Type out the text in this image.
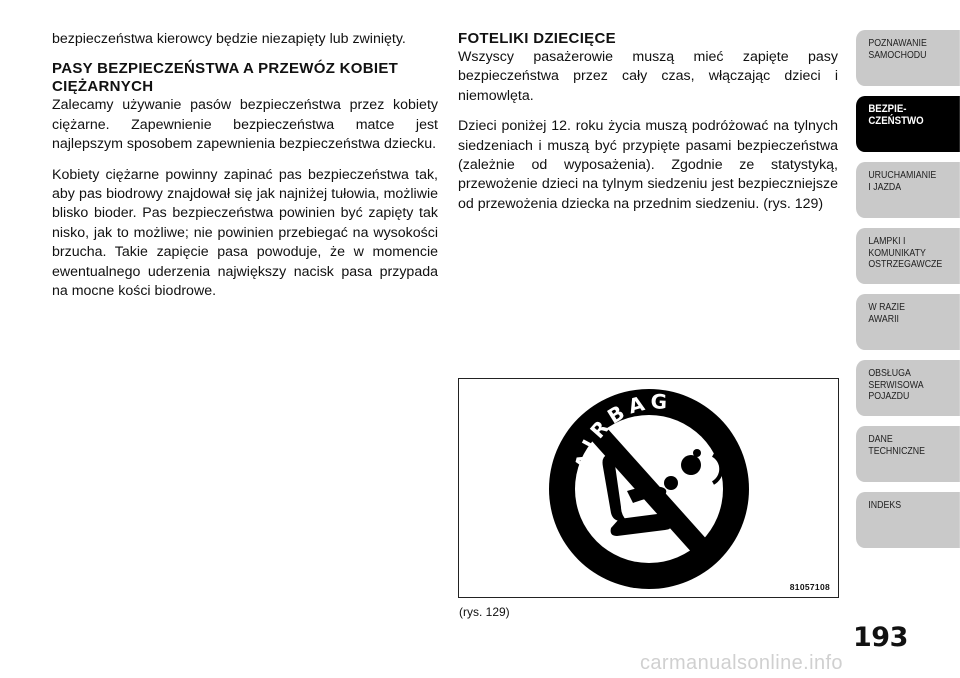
bezpieczeństwa kierowcy będzie niezapięty lub zwinięty.

PASY BEZPIECZEŃSTWA A PRZEWÓZ KOBIET CIĘŻARNYCH

Zalecamy używanie pasów bezpieczeństwa przez kobiety ciężarne. Zapewnienie bezpieczeństwa matce jest najlepszym sposobem zapewnienia bezpieczeństwa dziecku.

Kobiety ciężarne powinny zapinać pas bezpieczeństwa tak, aby pas biodrowy znajdował się jak najniżej tułowia, możliwie blisko bioder. Pas bezpieczeństwa powinien być zapięty tak nisko, jak to możliwe; nie powinien przebiegać na wysokości brzucha. Takie zapięcie pasa powoduje, że w momencie ewentualnego uderzenia największy nacisk pasa przypada na mocne kości biodrowe.

FOTELIKI DZIECIĘCE

Wszyscy pasażerowie muszą mieć zapięte pasy bezpieczeństwa przez cały czas, włączając dzieci i niemowlęta.

Dzieci poniżej 12. roku życia muszą podróżować na tylnych siedzeniach i muszą być przypięte pasami bezpieczeństwa (zależnie od wyposażenia). Zgodnie ze statystyką, przewożenie dzieci na tylnym siedzeniu jest bezpieczniejsze od przewożenia dziecka na przednim siedzeniu. (rys. 129)

AIRBAG
81057108
(rys. 129)
POZNAWANIE
SAMOCHODU
BEZPIE-
CZEŃSTWO
URUCHAMIANIE
I JAZDA
LAMPKI I
KOMUNIKATY
OSTRZEGAWCZE
W RAZIE
AWARII
OBSŁUGA
SERWISOWA
POJAZDU
DANE
TECHNICZNE
INDEKS
193
carmanualsonline.info
